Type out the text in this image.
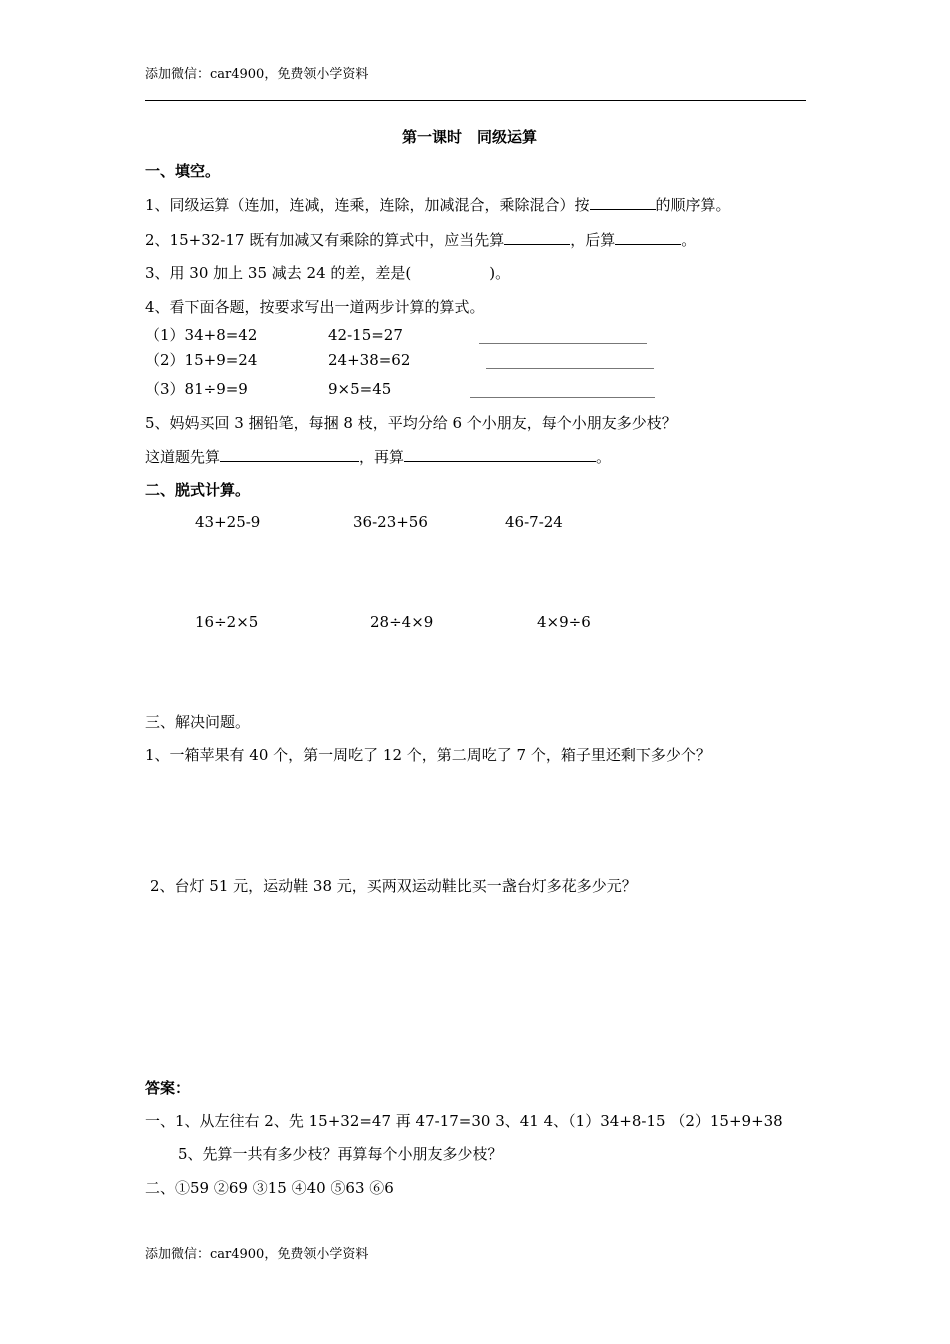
添加微信：car4900，免费领小学资料
第一课时　同级运算
一、填空。
1、同级运算（连加，连减，连乘，连除，加减混合，乘除混合）按	的顺序算。
2、15+32-17 既有加减又有乘除的算式中，应当先算	，后算	。
3、用 30 加上 35 减去 24 的差，差是(	)。
4、看下面各题，按要求写出一道两步计算的算式。
（1）34+8=42	42-15=27
（2）15+9=24	24+38=62
（3）81÷9=9	9×5=45
5、妈妈买回 3 捆铅笔，每捆 8 枝，平均分给 6 个小朋友，每个小朋友多少枝？
这道题先算	，再算	。
二、脱式计算。
43+25-9	36-23+56	46-7-24
16÷2×5	28÷4×9	4×9÷6
三、解决问题。
1、一箱苹果有 40 个，第一周吃了 12 个，第二周吃了 7 个，箱子里还剩下多少个？
2、台灯 51 元，运动鞋 38 元，买两双运动鞋比买一盏台灯多花多少元？
答案：
一、1、从左往右 2、先 15+32=47 再 47-17=30 3、41 4、（1）34+8-15 （2）15+9+38
5、先算一共有多少枝？再算每个小朋友多少枝？
二、①59 ②69 ③15 ④40 ⑤63 ⑥6
添加微信：car4900，免费领小学资料
